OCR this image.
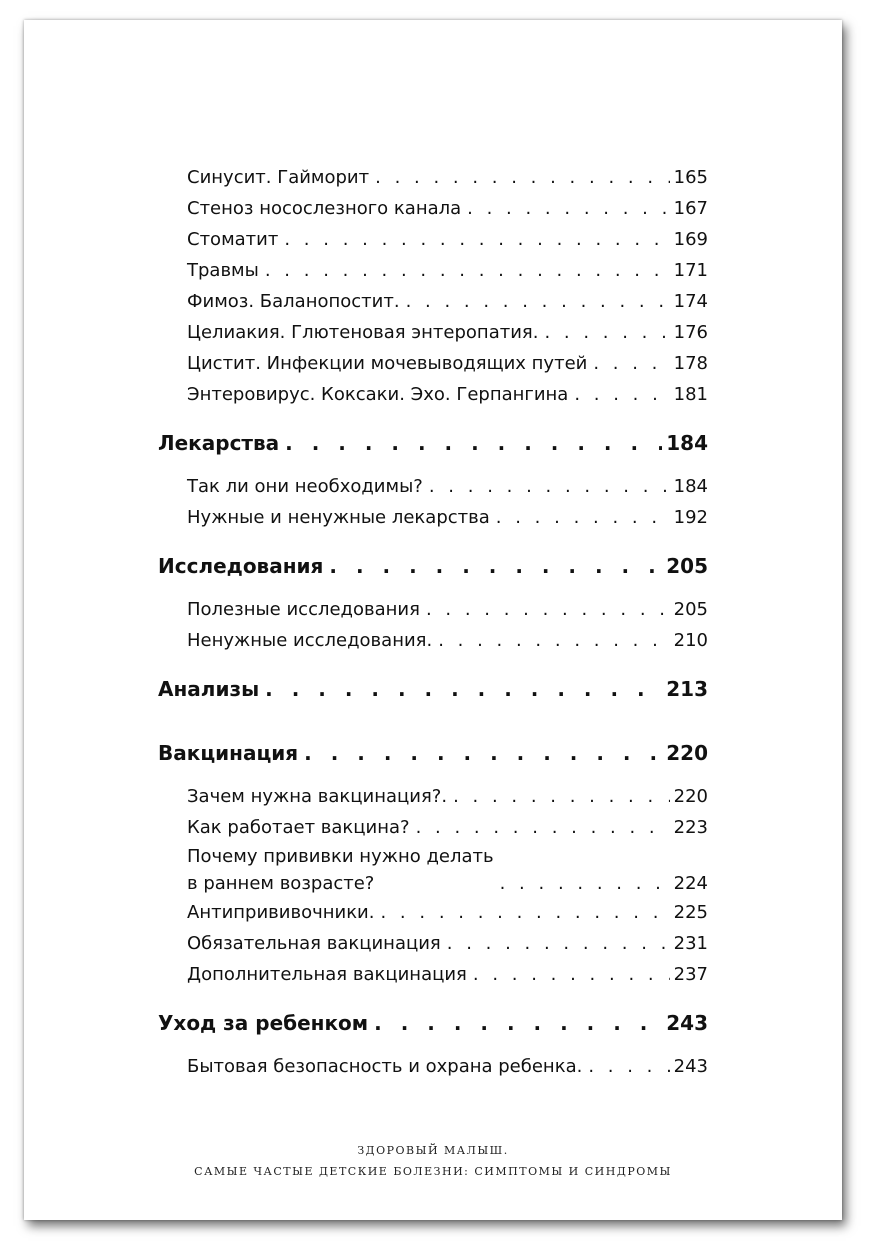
Синусит. Гайморит . . .	165
Стеноз носослезного канала . . .	167
Стоматит . . .	169
Травмы . . .	171
Фимоз. Баланопостит. . . .	174
Целиакия. Глютеновая энтеропатия. . . .	176
Цистит. Инфекции мочевыводящих путей . . .	178
Энтеровирус. Коксаки. Эхо. Герпангина . . .	181
Лекарства . . .	184
Так ли они необходимы? . . .	184
Нужные и ненужные лекарства . . .	192
Исследования . . .	205
Полезные исследования . . .	205
Ненужные исследования. . . .	210
Анализы . . .	213
Вакцинация . . .	220
Зачем нужна вакцинация?. . . .	220
Как работает вакцина? . . .	223
Почему прививки нужно делать
в раннем возрасте? . . .	224
Антипрививочники. . . .	225
Обязательная вакцинация . . .	231
Дополнительная вакцинация . . .	237
Уход за ребенком . . .	243
Бытовая безопасность и охрана ребенка. . . .	243
ЗДОРОВЫЙ МАЛЫШ.
САМЫЕ ЧАСТЫЕ ДЕТСКИЕ БОЛЕЗНИ: СИМПТОМЫ И СИНДРОМЫ
